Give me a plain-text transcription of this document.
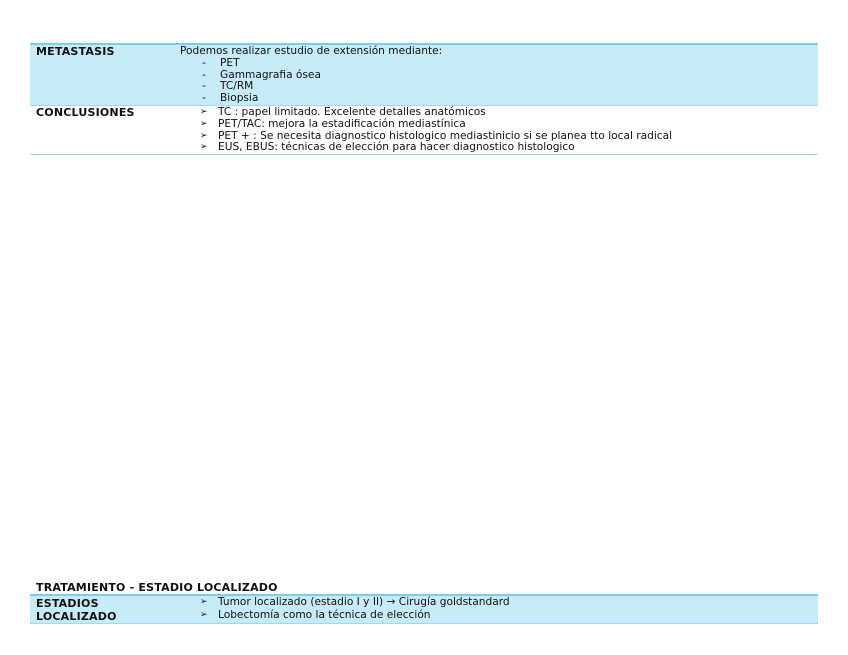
METASTASIS	Podemos realizar estudio de extensión mediante:
-	PET
-	Gammagrafia ósea
-	TC/RM
-	Biopsia
CONCLUSIONES	➢ TC : papel limitado. Excelente detalles anatómicos
➢ PET/TAC: mejora la estadificación mediastínica
➢ PET + : Se necesita diagnostico histologico mediastinicio si se planea tto local radical
➢ EUS, EBUS: técnicas de elección para hacer diagnostico histologico
TRATAMIENTO - ESTADIO LOCALIZADO
ESTADIOS
LOCALIZADO
➢ Tumor localizado (estadio I y II) → Cirugía goldstandard
➢ Lobectomía como la técnica de elección
